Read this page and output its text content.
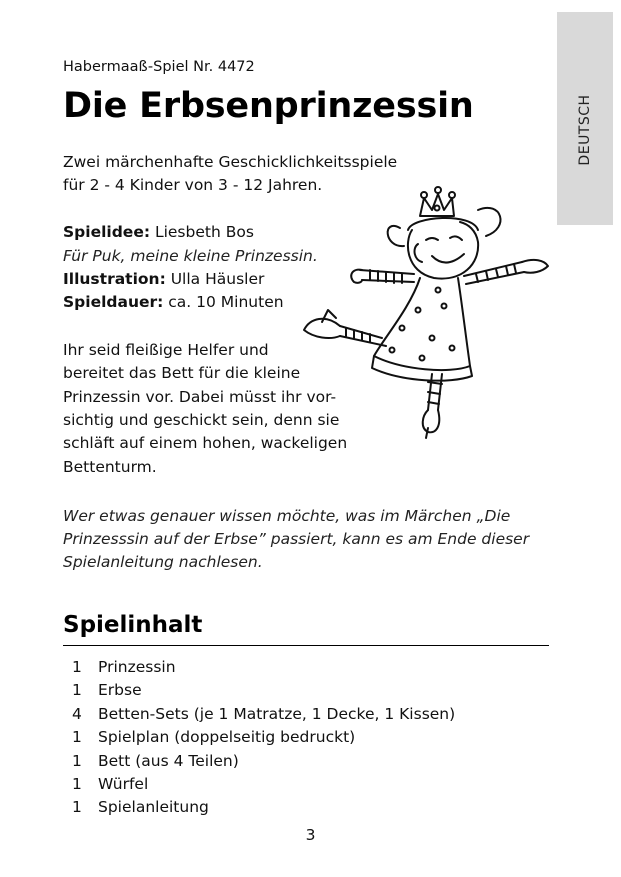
DEUTSCH
Habermaaß-Spiel Nr. 4472
Die Erbsenprinzessin
Zwei märchenhafte Geschicklichkeitsspiele
für 2 - 4 Kinder von 3 - 12 Jahren.
Spielidee: Liesbeth Bos
Für Puk, meine kleine Prinzessin.
Illustration: Ulla Häusler
Spieldauer: ca. 10 Minuten
Ihr seid fleißige Helfer und
bereitet das Bett für die kleine
Prinzessin vor. Dabei müsst ihr vor-
sichtig und geschickt sein, denn sie
schläft auf einem hohen, wackeligen
Bettenturm.
Wer etwas genauer wissen möchte, was im Märchen „Die
Prinzesssin auf der Erbse” passiert, kann es am Ende dieser
Spielanleitung nachlesen.
Spielinhalt
1	Prinzessin
1	Erbse
4	Betten-Sets (je 1 Matratze, 1 Decke, 1 Kissen)
1	Spielplan (doppelseitig bedruckt)
1	Bett (aus 4 Teilen)
1	Würfel
1	Spielanleitung
3
